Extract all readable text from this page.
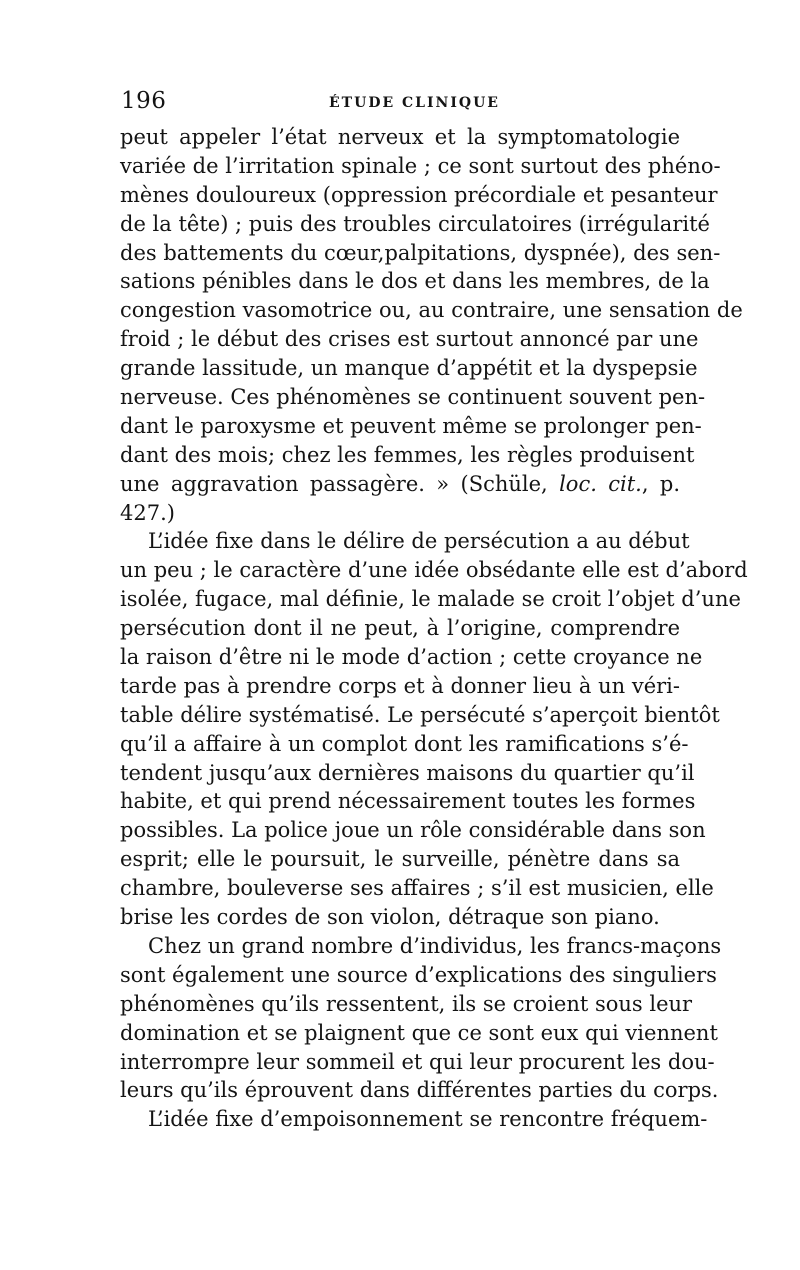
196	ÉTUDE CLINIQUE
peut appeler l’état nerveux et la symptomatologie
variée de l’irritation spinale ; ce sont surtout des phéno-
mènes douloureux (oppression précordiale et pesanteur
de la tête) ; puis des troubles circulatoires (irrégularité
des battements du cœur,palpitations, dyspnée), des sen-
sations pénibles dans le dos et dans les membres, de la
congestion vasomotrice ou, au contraire, une sensation de
froid ; le début des crises est surtout annoncé par une
grande lassitude, un manque d’appétit et la dyspepsie
nerveuse. Ces phénomènes se continuent souvent pen-
dant le paroxysme et peuvent même se prolonger pen-
dant des mois; chez les femmes, les règles produisent
une aggravation passagère. » (Schüle, loc. cit., p.
427.)
L’idée fixe dans le délire de persécution a au début
un peu ; le caractère d’une idée obsédante elle est d’abord
isolée, fugace, mal définie, le malade se croit l’objet d’une
persécution dont il ne peut, à l’origine, comprendre
la raison d’être ni le mode d’action ; cette croyance ne
tarde pas à prendre corps et à donner lieu à un véri-
table délire systématisé. Le persécuté s’aperçoit bientôt
qu’il a affaire à un complot dont les ramifications s’é-
tendent jusqu’aux dernières maisons du quartier qu’il
habite, et qui prend nécessairement toutes les formes
possibles. La police joue un rôle considérable dans son
esprit; elle le poursuit, le surveille, pénètre dans sa
chambre, bouleverse ses affaires ; s’il est musicien, elle
brise les cordes de son violon, détraque son piano.
Chez un grand nombre d’individus, les francs-maçons
sont également une source d’explications des singuliers
phénomènes qu’ils ressentent, ils se croient sous leur
domination et se plaignent que ce sont eux qui viennent
interrompre leur sommeil et qui leur procurent les dou-
leurs qu’ils éprouvent dans différentes parties du corps.
L’idée fixe d’empoisonnement se rencontre fréquem-
